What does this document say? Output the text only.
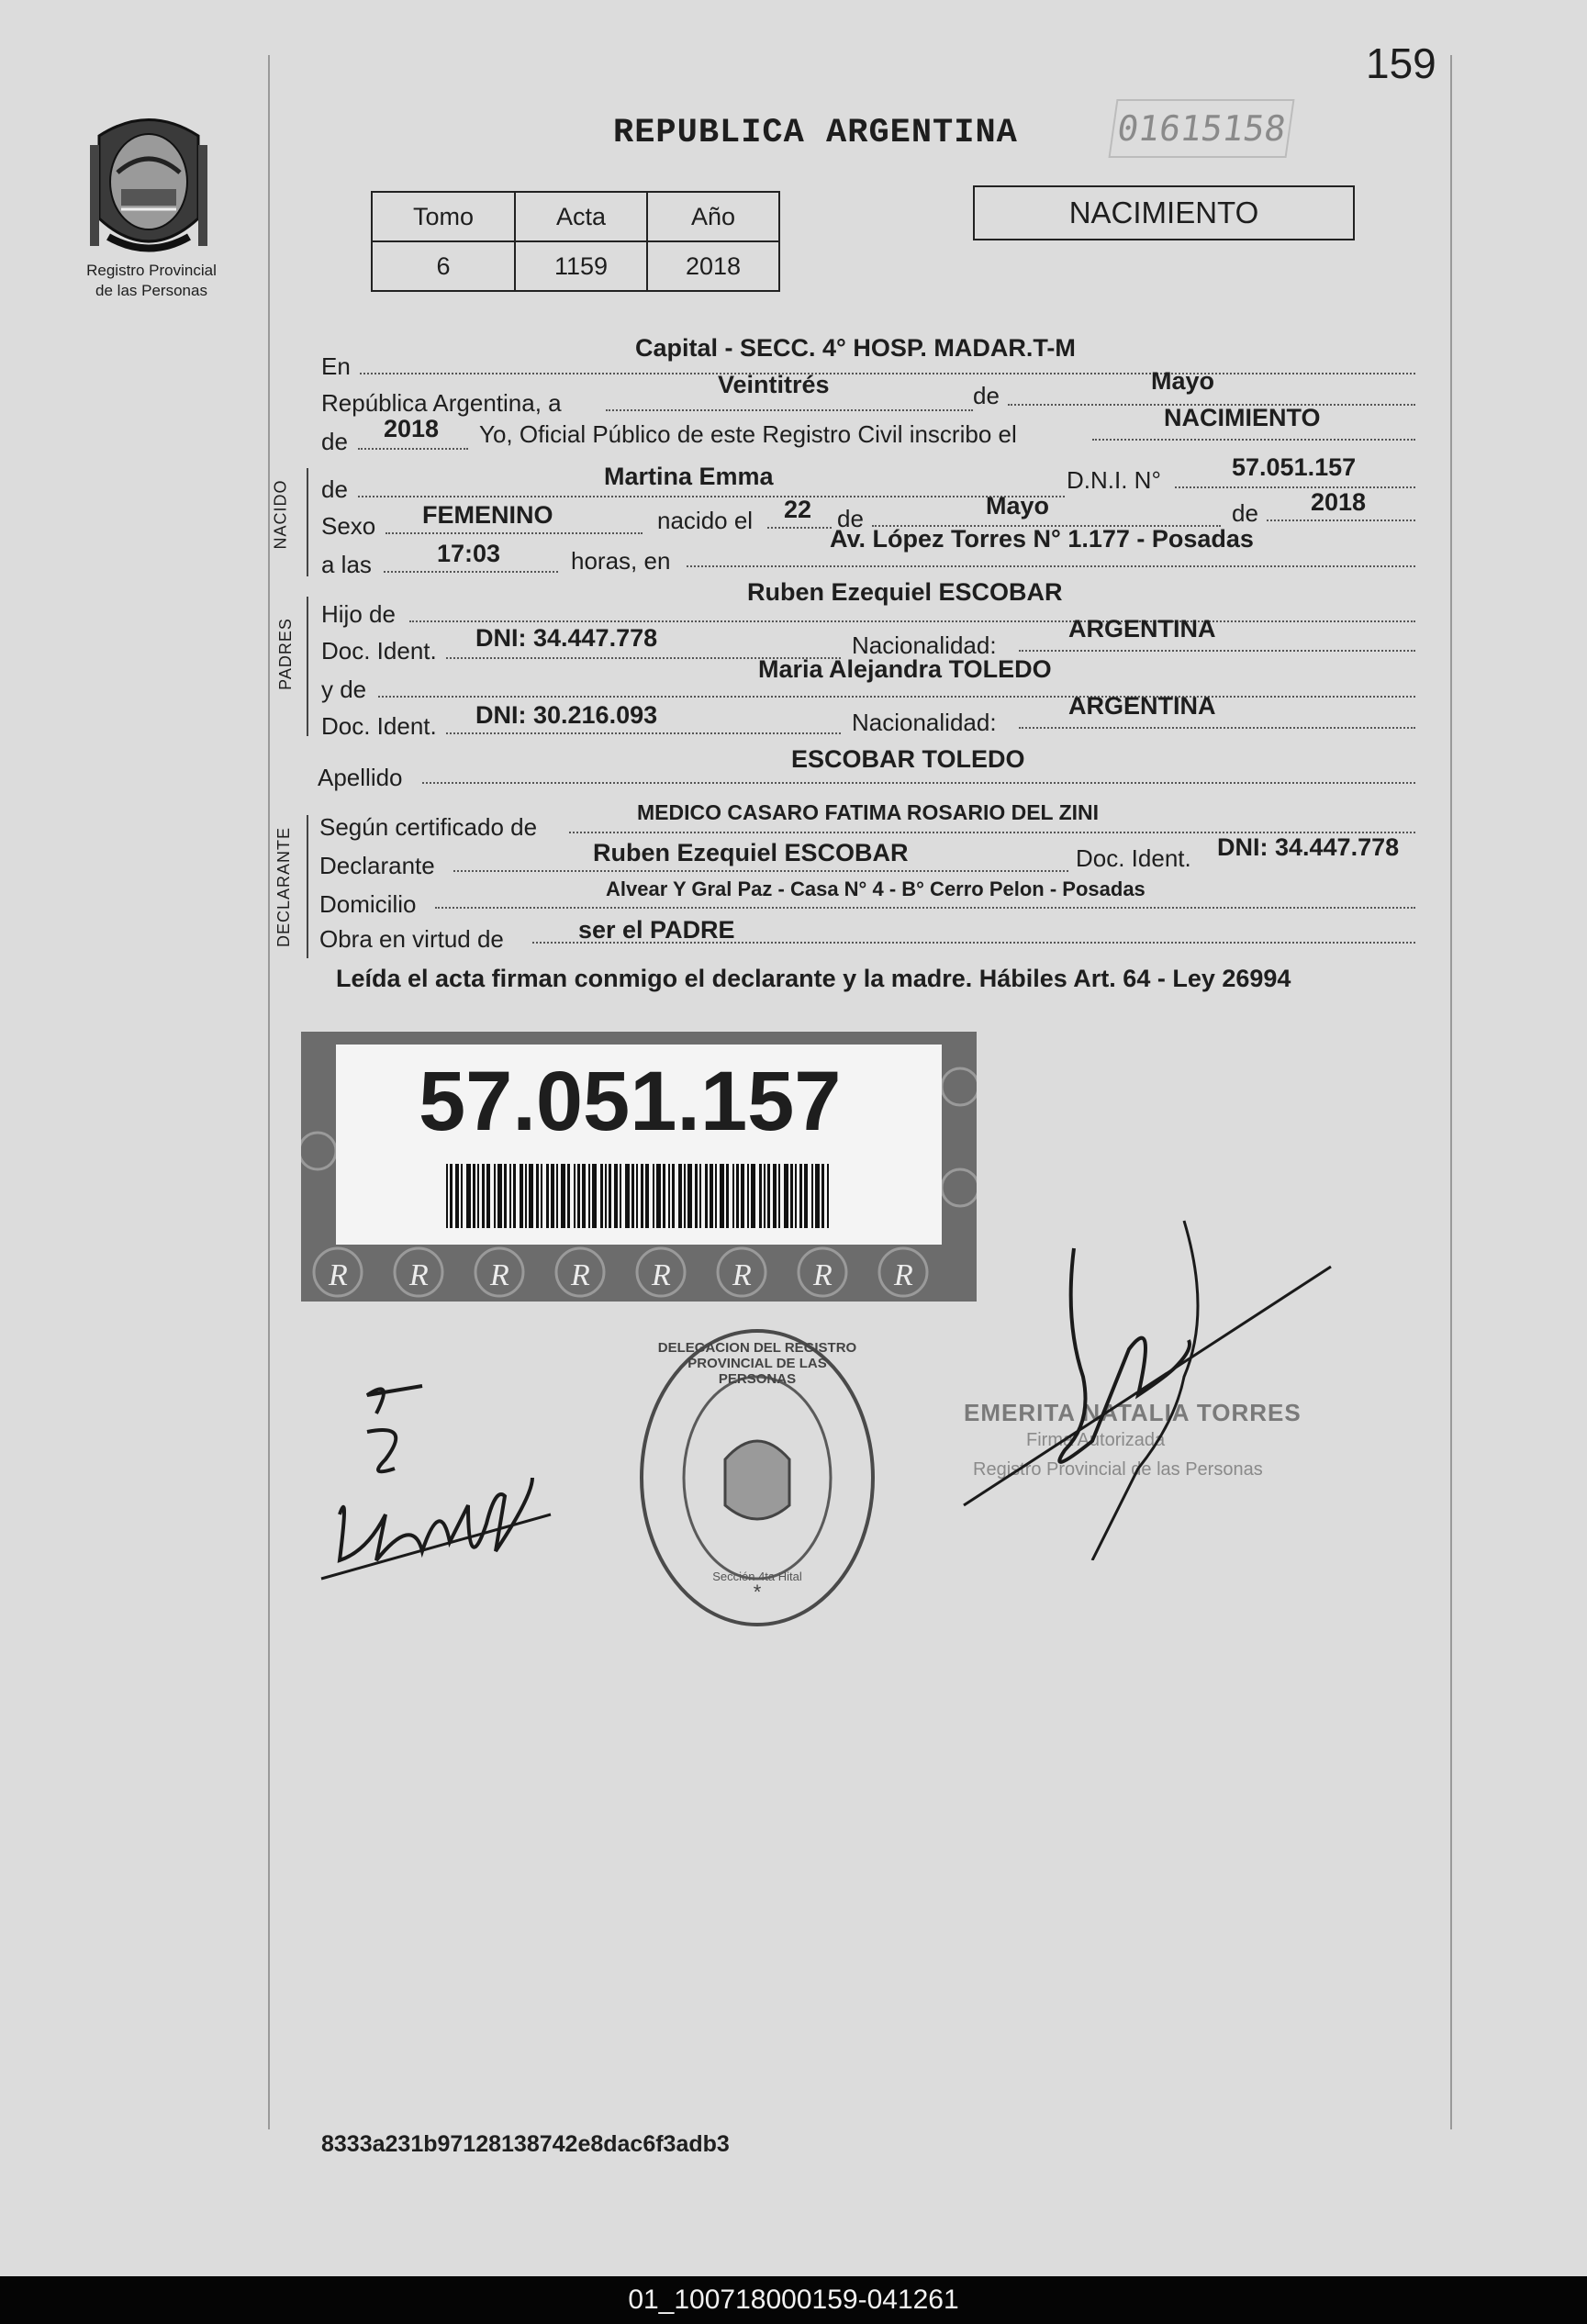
159
Registro Provincial
de las Personas
REPUBLICA ARGENTINA	01615158
Tomo	Acta	Año
6	1159	2018
NACIMIENTO
En
Capital - SECC. 4° HOSP. MADAR.T-M
República Argentina, a
Veintitrés	de
Mayo
de 2018 Yo, Oficial Público de este Registro Civil inscribo el
NACIMIENTO
NACIDO de	Martina Emma	D.N.I. N°	57.051.157
Sexo FEMENINO	nacido el 22 de	Mayo	de 2018
a las	17:03	horas, en
Av. López Torres N° 1.177 - Posadas
PADRES
Hijo de
Ruben Ezequiel ESCOBAR
Doc. Ident. DNI: 34.447.778	Nacionalidad:
ARGENTINA
y de
Maria Alejandra TOLEDO
Doc. Ident. DNI: 30.216.093	Nacionalidad:
ARGENTINA
Apellido
ESCOBAR TOLEDO
DECLARANTE Según certificado de
MEDICO CASARO FATIMA ROSARIO DEL ZINI
Declarante	Ruben Ezequiel ESCOBAR	Doc. Ident. DNI: 34.447.778
Domicilio
Alvear Y Gral Paz - Casa N° 4 - B° Cerro Pelon - Posadas
Obra en virtud de	ser el PADRE
Leída el acta firman conmigo el declarante y la madre. Hábiles Art. 64 - Ley 26994
R R R R R R R R
57.051.157
*
DELEGACION DEL REGISTRO PROVINCIAL DE LAS PERSONAS
Sección 4ta Hital
EMERITA NATALIA TORRES
Firma Autorizada
Registro Provincial de las Personas
8333a231b97128138742e8dac6f3adb3
01_100718000159-041261
